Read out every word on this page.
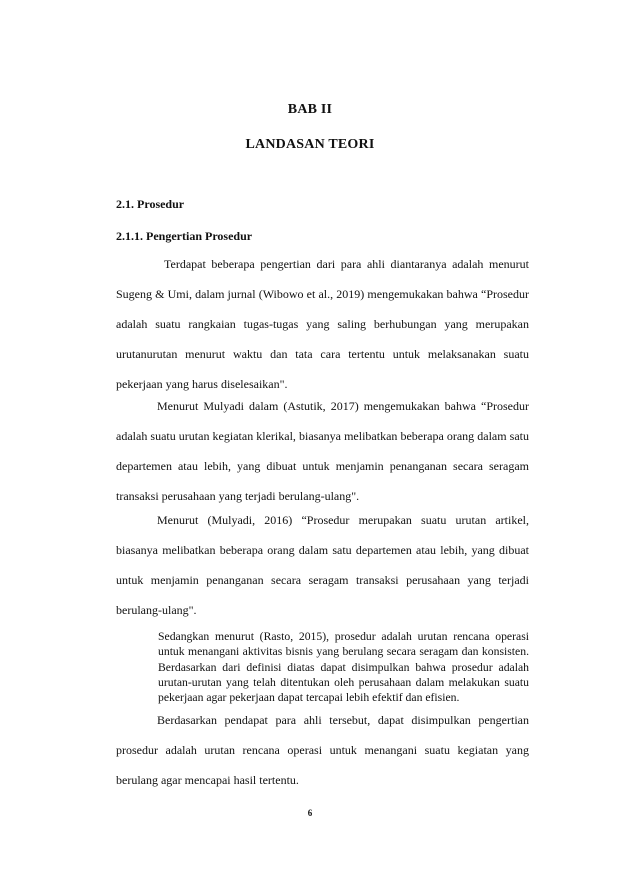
BAB II
LANDASAN TEORI
2.1. Prosedur
2.1.1. Pengertian Prosedur

Terdapat beberapa pengertian dari para ahli diantaranya adalah menurut Sugeng & Umi, dalam jurnal (Wibowo et al., 2019) mengemukakan bahwa “Prosedur adalah suatu rangkaian tugas-tugas yang saling berhubungan yang merupakan urutanurutan menurut waktu dan tata cara tertentu untuk melaksanakan suatu pekerjaan yang harus diselesaikan".

Menurut Mulyadi dalam (Astutik, 2017) mengemukakan bahwa “Prosedur adalah suatu urutan kegiatan klerikal, biasanya melibatkan beberapa orang dalam satu departemen atau lebih, yang dibuat untuk menjamin penanganan secara seragam transaksi perusahaan yang terjadi berulang-ulang".

Menurut (Mulyadi, 2016) “Prosedur merupakan suatu urutan artikel, biasanya melibatkan beberapa orang dalam satu departemen atau lebih, yang dibuat untuk menjamin penanganan secara seragam transaksi perusahaan yang terjadi berulang-ulang".

Sedangkan menurut (Rasto, 2015), prosedur adalah urutan rencana operasi untuk menangani aktivitas bisnis yang berulang secara seragam dan konsisten. Berdasarkan dari definisi diatas dapat disimpulkan bahwa prosedur adalah urutan-urutan yang telah ditentukan oleh perusahaan dalam melakukan suatu pekerjaan agar pekerjaan dapat tercapai lebih efektif dan efisien.

Berdasarkan pendapat para ahli tersebut, dapat disimpulkan pengertian prosedur adalah urutan rencana operasi untuk menangani suatu kegiatan yang berulang agar mencapai hasil tertentu.

6
